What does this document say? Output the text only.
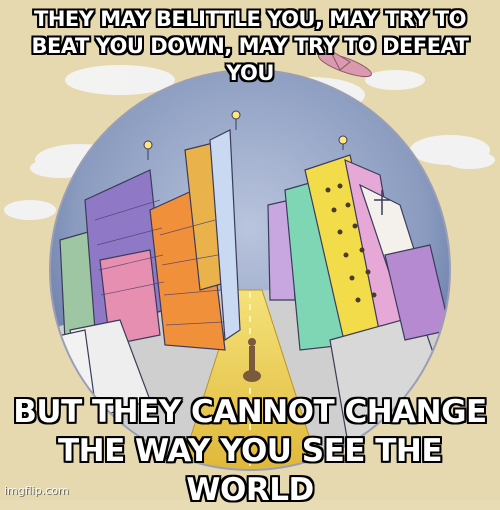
THEY MAY BELITTLE YOU, MAY TRY TO BEAT YOU DOWN, MAY TRY TO DEFEAT YOU
BUT THEY CANNOT CHANGE THE WAY YOU SEE THE WORLD
imgflip.com
